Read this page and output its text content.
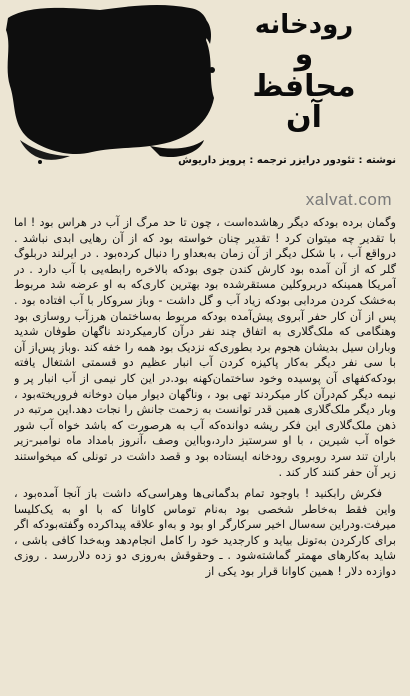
رودخانه
و
محافظ
آن
نوشته : تئودور درایزر ترجمه : پرویز داریوش
xalvat.com

وگمان برده بودکه دیگر رهاشده‌است ، چون تا حد مرگ از آب در هراس بود ! اما با تقدیر چه میتوان کرد ! تقدیر چنان خواسته بود که از آن رهایی ابدی نباشد . درواقع آب ، با شکل دیگر از آن زمان به‌بعداو را دنبال کرده‌بود . در ایرلند دربلوگ گلر که از آن آمده بود کارش کندن جوی بودکه بالاخره رابطه‌یی با آب دارد . در آمریکا همینکه دربروکلین مستقرشده بود بهترین کاری‌که به او عرضه شد مربوط به‌خشک کردن مردابی بودکه زیاد آب و گل داشت - وباز سروکار با آب افتاده بود . پس از آن کار حفر آبروی پیش‌آمده بودکه مربوط به‌ساختمان هرزآب روسازی بود وهنگامی که ملک‌گلاری به اتفاق چند نفر درآن کارمیکردند ناگهان طوفان شدید وباران سیل بدیشان هجوم برد بطوری‌که نزدیک بود همه را خفه کند .وباز پس‌از آن با سی نفر دیگر به‌کار پاکیزه کردن آب انبار عظیم دو قسمتی اشتغال یافته بودکه‌کفهای آن پوسیده وخود ساختمان‌کهنه بود.در این کار نیمی از آب انبار پر و نیمه دیگر کم‌درآن کار میکردند تهی بود ، وناگهان دیوار میان دوخانه فروریخته‌بود ، وبار دیگر ملک‌گلاری همین قدر توانست به زحمت جانش را نجات دهد.این مرتبه در ذهن ملک‌گلاری این فکر ریشه دوانده‌که آب به هرصورت که باشد خواه آب شور خواه آب شیرین ، با او سرستیز دارد،وبااین وصف ،آنروز بامداد ماه نوامبر-زیر باران تند سرد روبروی رودخانه ایستاده بود و قصد داشت در تونلی که میخواستند زیر آن حفر کنند کار کند .

فکرش رابکنید ! باوجود تمام بدگمانی‌ها وهراسی‌که داشت باز آنجا آمده‌بود ، واین فقط به‌خاطر شخصی بود به‌نام توماس کاوانا که با او به یک‌کلیسا میرفت.ودراین سه‌سال اخیر سرکارگر او بود و به‌او علاقه پیداکرده وگفته‌بودکه اگر برای کارکردن به‌تونل بیاید و کارجدید خود را کامل انجام‌دهد وبه‌خدا کافی باشی ، شاید به‌کارهای مهمتر گماشته‌شود . ـ وحقوقش به‌روزی دو زده دلاررسد . روزی دوازده دلار ! همین کاوانا قرار بود یکی از
